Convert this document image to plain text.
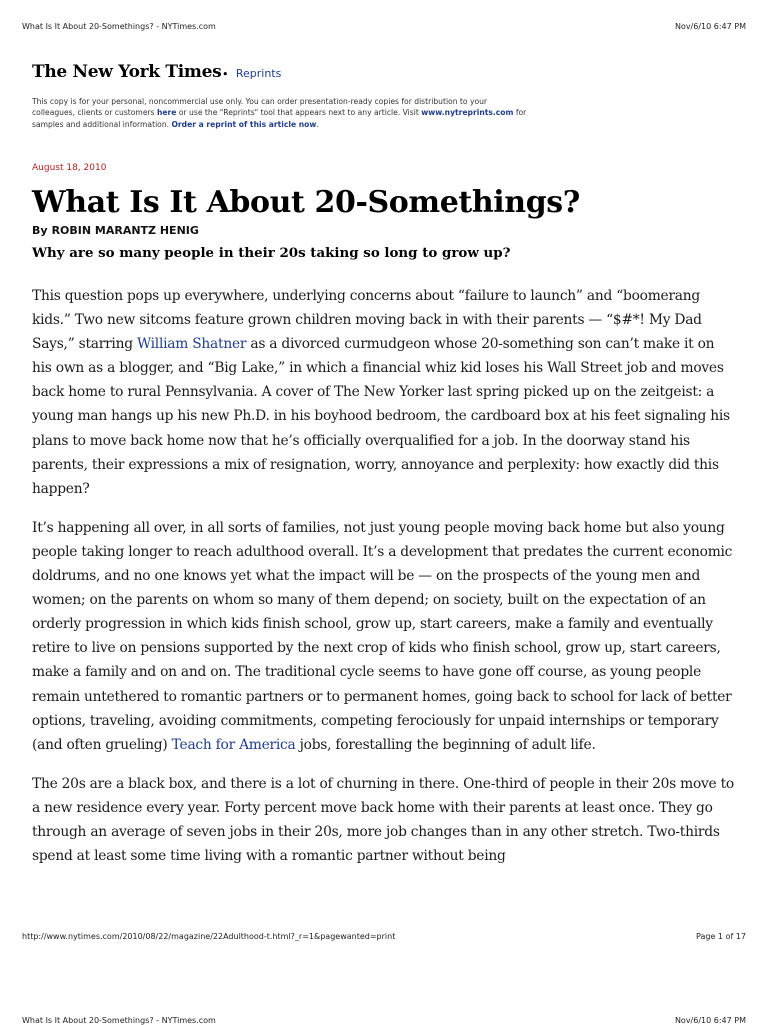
What Is It About 20-Somethings? - NYTimes.com	Nov/6/10 6:47 PM
The New York Times• Reprints
This copy is for your personal, noncommercial use only. You can order presentation-ready copies for distribution to your colleagues, clients or customers here or use the "Reprints" tool that appears next to any article. Visit www.nytreprints.com for samples and additional information. Order a reprint of this article now.
August 18, 2010
What Is It About 20-Somethings?
By ROBIN MARANTZ HENIG
Why are so many people in their 20s taking so long to grow up?

This question pops up everywhere, underlying concerns about “failure to launch” and “boomerang kids.” Two new sitcoms feature grown children moving back in with their parents — “$#*! My Dad Says,” starring William Shatner as a divorced curmudgeon whose 20-something son can’t make it on his own as a blogger, and “Big Lake,” in which a financial whiz kid loses his Wall Street job and moves back home to rural Pennsylvania. A cover of The New Yorker last spring picked up on the zeitgeist: a young man hangs up his new Ph.D. in his boyhood bedroom, the cardboard box at his feet signaling his plans to move back home now that he’s officially overqualified for a job. In the doorway stand his parents, their expressions a mix of resignation, worry, annoyance and perplexity: how exactly did this happen?

It’s happening all over, in all sorts of families, not just young people moving back home but also young people taking longer to reach adulthood overall. It’s a development that predates the current economic doldrums, and no one knows yet what the impact will be — on the prospects of the young men and women; on the parents on whom so many of them depend; on society, built on the expectation of an orderly progression in which kids finish school, grow up, start careers, make a family and eventually retire to live on pensions supported by the next crop of kids who finish school, grow up, start careers, make a family and on and on. The traditional cycle seems to have gone off course, as young people remain untethered to romantic partners or to permanent homes, going back to school for lack of better options, traveling, avoiding commitments, competing ferociously for unpaid internships or temporary (and often grueling) Teach for America jobs, forestalling the beginning of adult life.

The 20s are a black box, and there is a lot of churning in there. One-third of people in their 20s move to a new residence every year. Forty percent move back home with their parents at least once. They go through an average of seven jobs in their 20s, more job changes than in any other stretch. Two-thirds spend at least some time living with a romantic partner without being

http://www.nytimes.com/2010/08/22/magazine/22Adulthood-t.html?_r=1&pagewanted=print	Page 1 of 17
What Is It About 20-Somethings? - NYTimes.com	Nov/6/10 6:47 PM
